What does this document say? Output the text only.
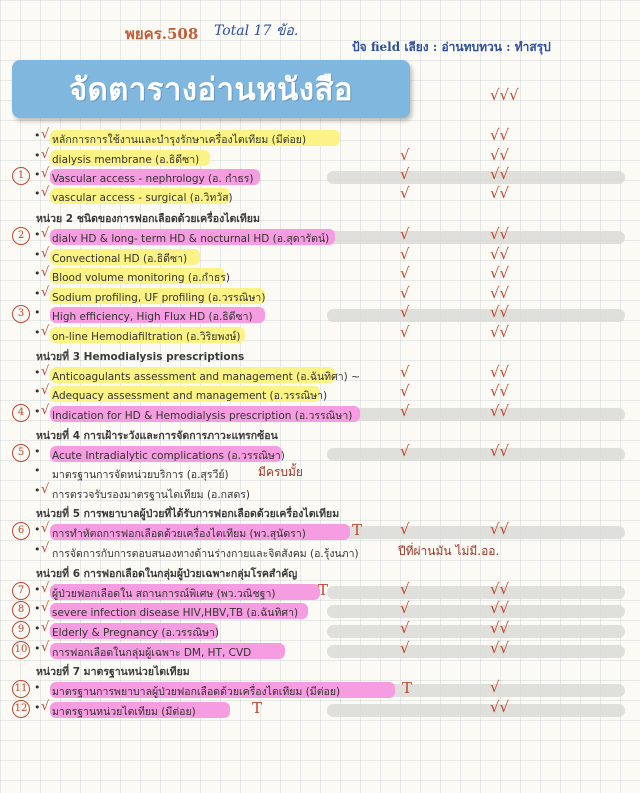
พยคร.508 Total 17 ข้อ.
ป้จ field เลียง : อ่านทบทวน : ทำสรุป
√√√
• √ หลักการการใช้งานและบำรุงรักษาเครื่องไตเทียม (มีต่อย)	√√
• √ dialysis membrane (อ.ธิดีซา)	√	√√
1 • √ Vascular access - nephrology (อ. กำธร)	√	√√
• √ vascular access - surgical (อ.วิทวัส)	√	√√
หน่วย 2 ชนิดของการฟอกเลือดด้วยเครื่องไตเทียม
2 • √ dialv HD & long- term HD & nocturnal HD (อ.สุดารัตน์)	√	√√
• √ Convectional HD (อ.ธิดีซา)	√	√√
• √ Blood volume monitoring (อ.กำธร)	√	√√
• √ Sodium profiling, UF profiling (อ.วรรณิษา)	√	√√
3 • High efficiency, High Flux HD (อ.ธิดีซา)	√	√√
• √ on-line Hemodiafiltration (อ.วิริยพงษ์)	√	√√
หน่วยที่ 3 Hemodialysis prescriptions
• √ Anticoagulants assessment and management (อ.ฉันทิศา) ~	√	√√
• √ Adequacy assessment and management (อ.วรรณิษา)	√	√√
4 • √ Indication for HD & Hemodialysis prescription (อ.วรรณิษา)	√	√√
หน่วยที่ 4 การเฝ้าระวังและการจัดการภาวะแทรกซ้อน
5 • Acute Intradialytic complications (อ.วรรณิษา)	√	√√
• มาตรฐานการจัดหน่วยบริการ (อ.สุรวีย์) มีครบมั้ย
• √ การตรวจรับรองมาตรฐานไตเทียม (อ.กสดร)
หน่วยที่ 5 การพยาบาลผู้ป่วยที่ได้รับการฟอกเลือดด้วยเครื่องไตเทียม
6 • √ การทำหัตถการฟอกเลือดด้วยเครื่องไตเทียม (พว.สุนัดรา)	T	√	√√
• √ การจัดการกับการตอบสนองทางด้านร่างกายและจิตสังคม (อ.รุ้งนภา)	ปีที่ผ่านมัน ไม่มี.ออ.
หน่วยที่ 6 การฟอกเลือดในกลุ่มผู้ป่วยเฉพาะกลุ่มโรคสำคัญ
7 • √ ผู้ป่วยฟอกเลือดใน สถานการณ์พิเศษ (พว.วณิชฐา)	T	√	√√
8 • √ severe infection disease HIV,HBV,TB (อ.ฉันทิศา)	√	√√
9 • √ Elderly & Pregnancy (อ.วรรณิษา)	√	√√
10 • √ การฟอกเลือดในกลุ่มผู้เฉพาะ DM, HT, CVD	√	√√
หน่วยที่ 7 มาตรฐานหน่วยไตเทียม
11 • มาตรฐานการพยาบาลผู้ป่วยฟอกเลือดด้วยเครื่องไตเทียม (มีต่อย)	T	√
12 • √ มาตรฐานหน่วยไตเทียม (มีต่อย)	T	√√
จัดตารางอ่านหนังสือ
